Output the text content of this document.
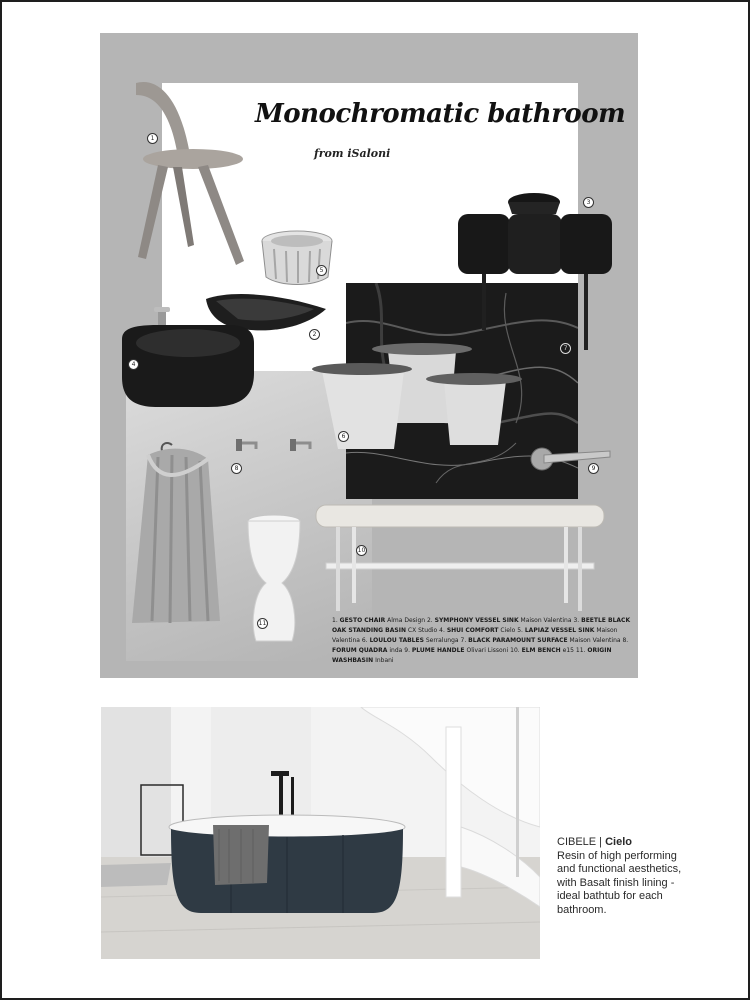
Monochromatic bathroom
from iSaloni
1
5
2
3
4
6
7
8	9
10
11	1. GESTO CHAIR Alma Design 2. SYMPHONY VESSEL SINK Maison Valentina 3. BEETLE BLACK OAK STANDING BASIN CX Studio 4. SHUI COMFORT Cielo 5. LAPIAZ VESSEL SINK Maison Valentina 6. LOULOU TABLES Serralunga 7. BLACK PARAMOUNT SURFACE Maison Valentina 8. FORUM QUADRA inda 9. PLUME HANDLE Olivari Lissoni 10. ELM BENCH e15 11. ORIGIN WASHBASIN Inbani
CIBELE | Cielo
Resin of high performing and functional aesthetics, with Basalt finish lining - ideal bathtub for each bathroom.
